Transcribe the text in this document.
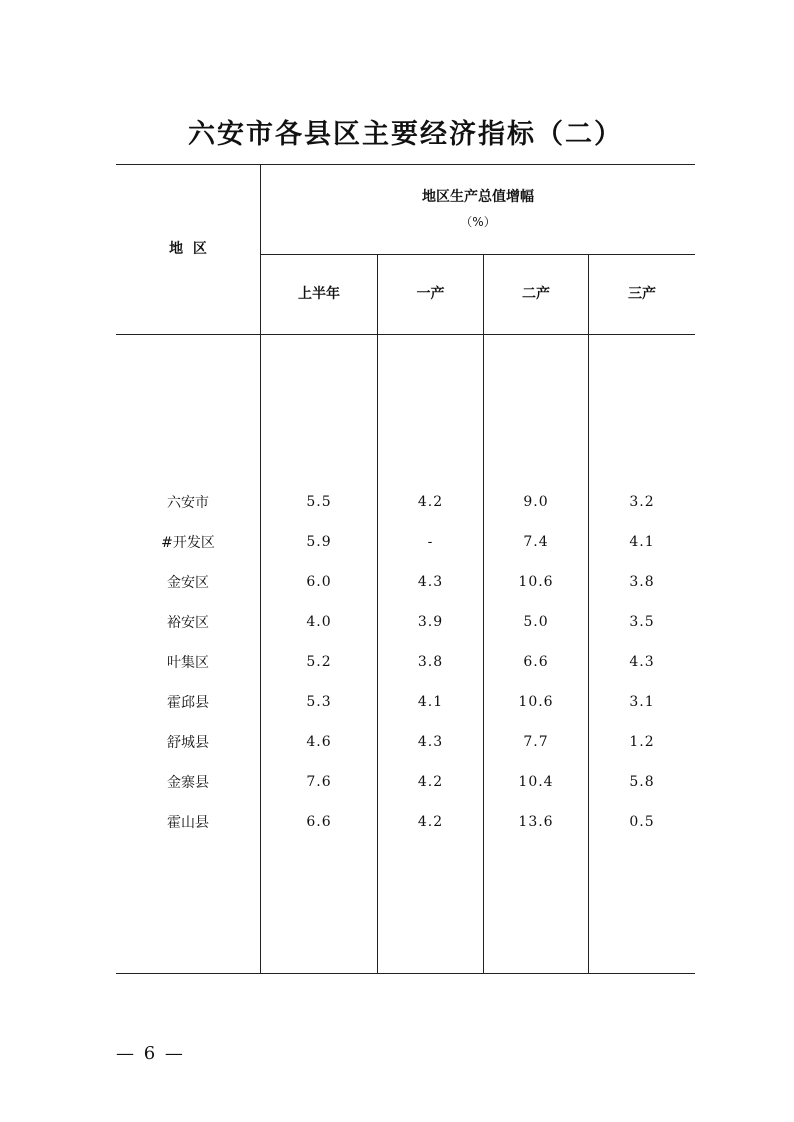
六安市各县区主要经济指标（二）
地  区
地区生产总值增幅
（%）
上半年	一产	二产	三产
六安市	5.5	4.2	9.0	3.2
#开发区	5.9	-	7.4	4.1
金安区	6.0	4.3	10.6	3.8
裕安区	4.0	3.9	5.0	3.5
叶集区	5.2	3.8	6.6	4.3
霍邱县	5.3	4.1	10.6	3.1
舒城县	4.6	4.3	7.7	1.2
金寨县	7.6	4.2	10.4	5.8
霍山县	6.6	4.2	13.6	0.5
— 6 —
